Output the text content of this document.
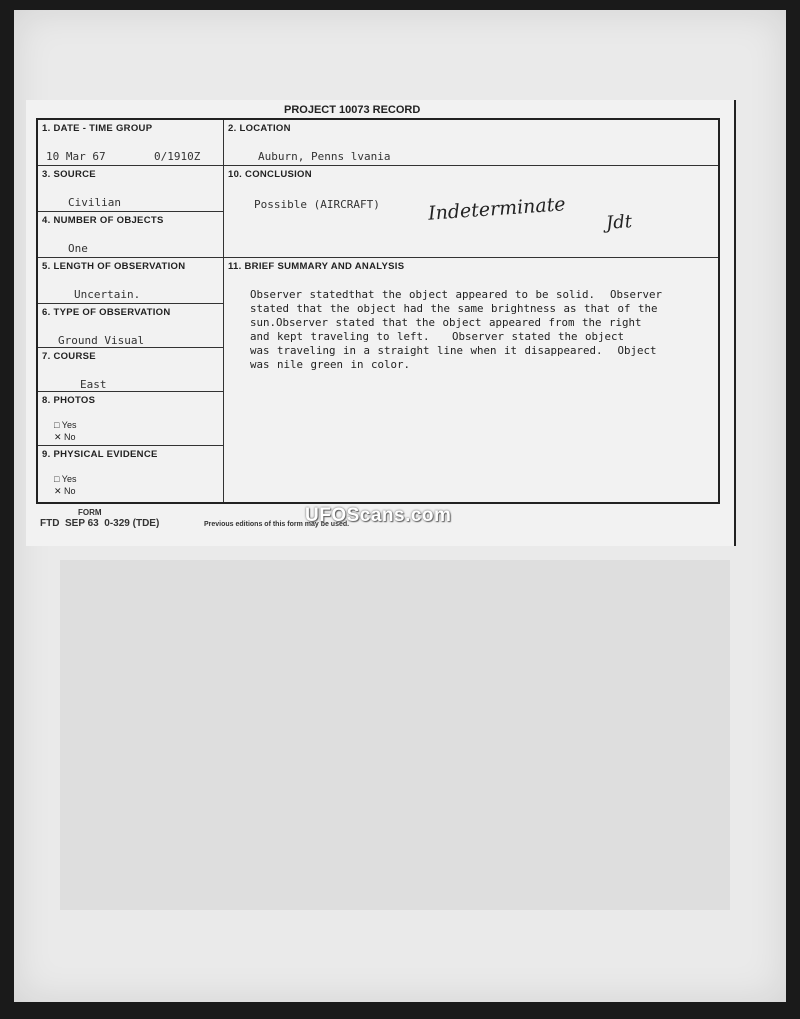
PROJECT 10073 RECORD
1. DATE - TIME GROUP
10 Mar 67	0/1910Z
2. LOCATION
Auburn, Penns lvania
3. SOURCE
Civilian
4. NUMBER OF OBJECTS
One
5. LENGTH OF OBSERVATION
Uncertain.
6. TYPE OF OBSERVATION
Ground Visual
7. COURSE
East
8. PHOTOS
□ Yes
✕ No
9. PHYSICAL EVIDENCE
□ Yes
✕ No
10. CONCLUSION
Possible (AIRCRAFT)	Indeterminate Jdt
11. BRIEF SUMMARY AND ANALYSIS
Observer statedthat the object appeared to be solid.  Observer
stated that the object had the same brightness as that of the
sun.Observer stated that the object appeared from the right
and kept traveling to left.   Observer stated the object
was traveling in a straight line when it disappeared.  Object
was nile green in color.
FORM
FTD  SEP 63  0-329 (TDE)	Previous editions of this form may be used.
UFOScans.com
